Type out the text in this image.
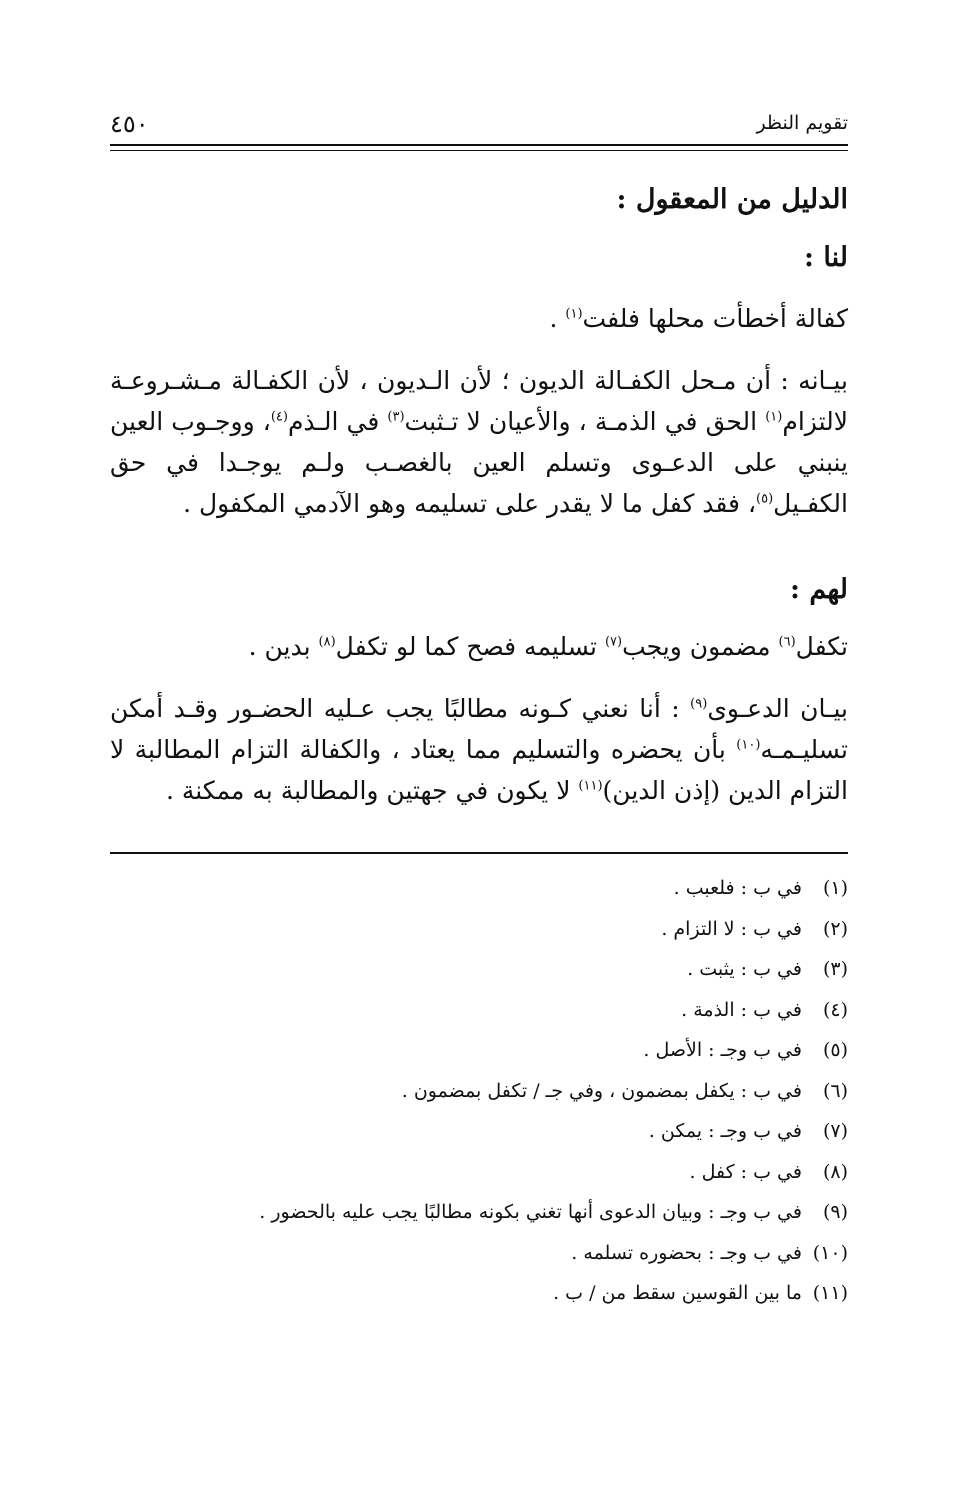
٤٥٠	تقويم النظر
الدليل من المعقول :
لنا :

كفالة أخطأت محلها فلفت$^{(١)}$ .

بيـانه : أن مـحل الكفـالة الديون ؛ لأن الـديون ، لأن الكفـالة مـشـروعـة لالتزام$^{(١)}$ الحق في الذمـة ، والأعيان لا تـثبت$^{(٣)}$ في الـذم$^{(٤)}$، ووجـوب العين ينبني على الدعـوى وتسلم العين بالغصـب ولـم يوجـدا في حق الكفـيل$^{(٥)}$، فقد كفل ما لا يقدر على تسليمه وهو الآدمي المكفول .

لهم :

تكفل$^{(٦)}$ مضمون ويجب$^{(٧)}$ تسليمه فصح كما لو تكفل$^{(٨)}$ بدين .

بيـان الدعـوى$^{(٩)}$ : أنا نعني كـونه مطالبًا يجب عـليه الحضـور وقـد أمكن تسليـمـه$^{(١٠)}$ بأن يحضره والتسليم مما يعتاد ، والكفالة التزام المطالبة لا التزام الدين (إذن الدين)$^{(١١)}$ لا يكون في جهتين والمطالبة به ممكنة .

(١) في ب : فلعبب .

(٢) في ب : لا التزام .

(٣) في ب : يثبت .

(٤) في ب : الذمة .

(٥) في ب وجـ : الأصل .

(٦) في ب : يكفل بمضمون ، وفي جـ / تكفل بمضمون .

(٧) في ب وجـ : يمكن .

(٨) في ب : كفل .

(٩) في ب وجـ : وبيان الدعوى أنها تغني بكونه مطالبًا يجب عليه بالحضور .

(١٠) في ب وجـ : بحضوره تسلمه .

(١١) ما بين القوسين سقط من / ب .
